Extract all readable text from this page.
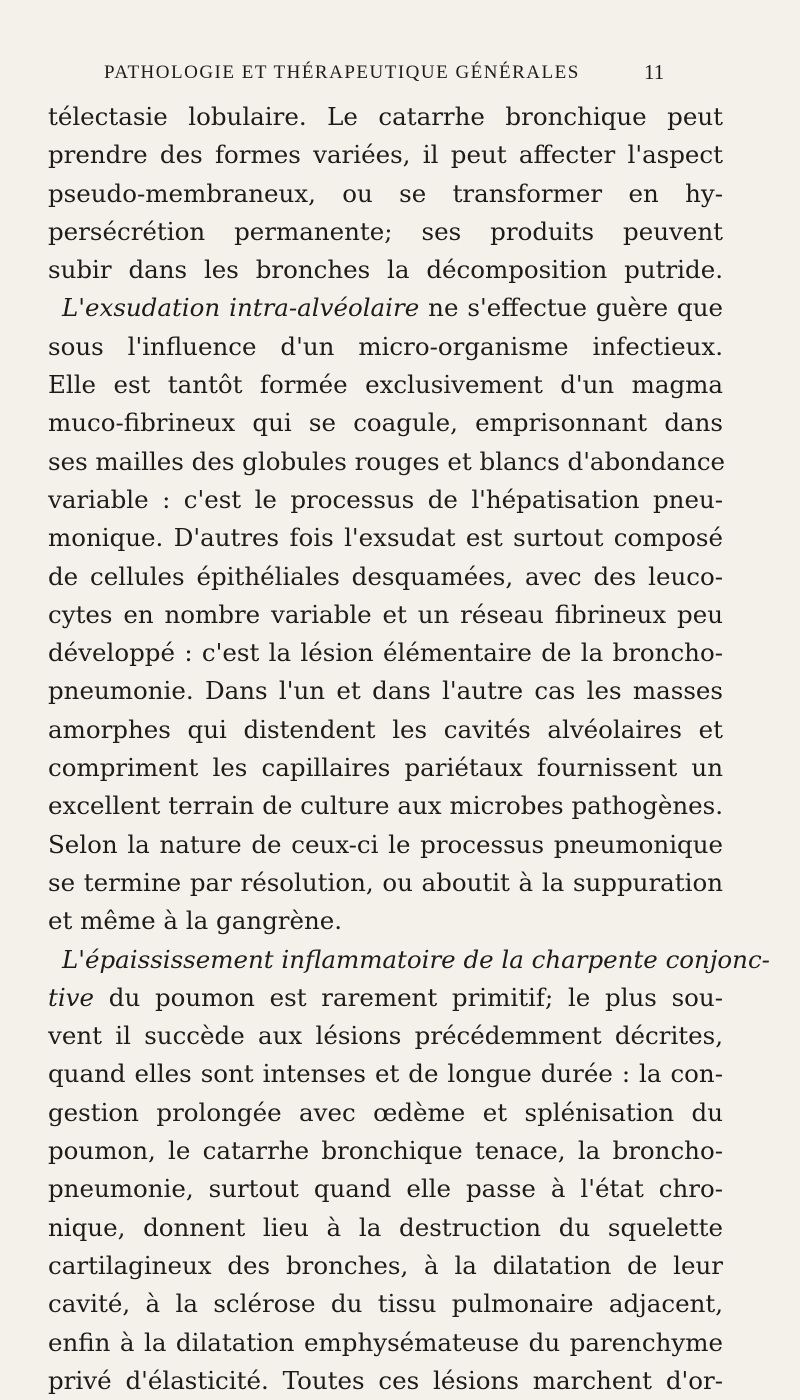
PATHOLOGIE ET THÉRAPEUTIQUE GÉNÉRALES	11
télectasie lobulaire. Le catarrhe bronchique peut
prendre des formes variées, il peut affecter l'aspect
pseudo-membraneux, ou se transformer en hy-
persécrétion permanente; ses produits peuvent
subir dans les bronches la décomposition putride.
L'exsudation intra-alvéolaire ne s'effectue guère que
sous l'influence d'un micro-organisme infectieux.
Elle est tantôt formée exclusivement d'un magma
muco-fibrineux qui se coagule, emprisonnant dans
ses mailles des globules rouges et blancs d'abondance
variable : c'est le processus de l'hépatisation pneu-
monique. D'autres fois l'exsudat est surtout composé
de cellules épithéliales desquamées, avec des leuco-
cytes en nombre variable et un réseau fibrineux peu
développé : c'est la lésion élémentaire de la broncho-
pneumonie. Dans l'un et dans l'autre cas les masses
amorphes qui distendent les cavités alvéolaires et
compriment les capillaires pariétaux fournissent un
excellent terrain de culture aux microbes pathogènes.
Selon la nature de ceux-ci le processus pneumonique
se termine par résolution, ou aboutit à la suppuration
et même à la gangrène.
L'épaississement inflammatoire de la charpente conjonc-
tive du poumon est rarement primitif; le plus sou-
vent il succède aux lésions précédemment décrites,
quand elles sont intenses et de longue durée : la con-
gestion prolongée avec œdème et splénisation du
poumon, le catarrhe bronchique tenace, la broncho-
pneumonie, surtout quand elle passe à l'état chro-
nique, donnent lieu à la destruction du squelette
cartilagineux des bronches, à la dilatation de leur
cavité, à la sclérose du tissu pulmonaire adjacent,
enfin à la dilatation emphysémateuse du parenchyme
privé d'élasticité. Toutes ces lésions marchent d'or-
